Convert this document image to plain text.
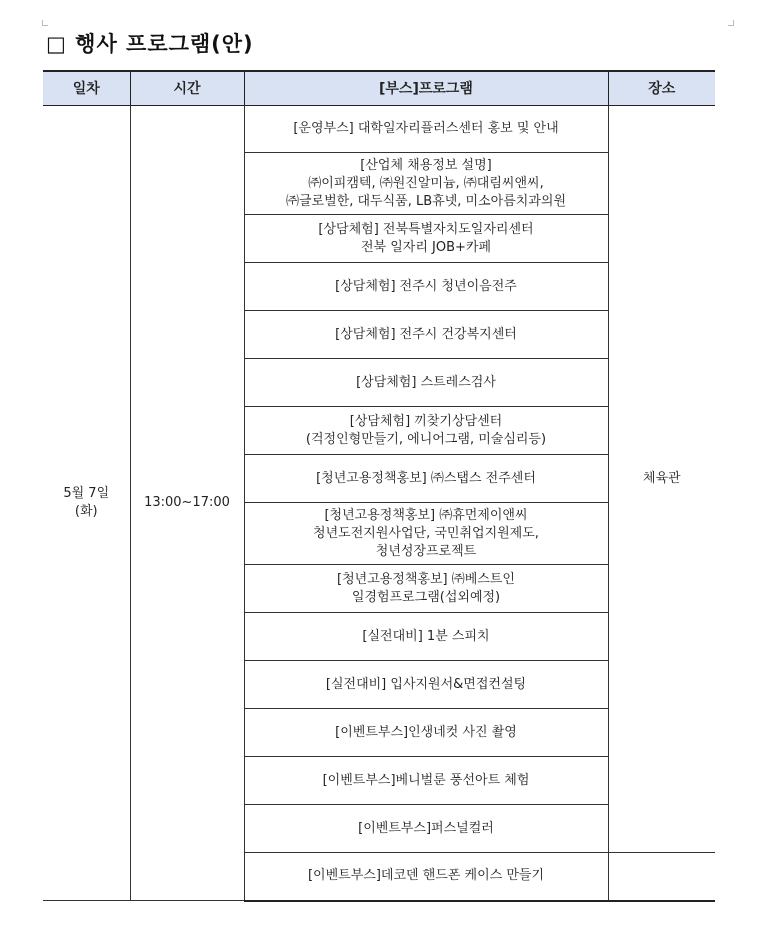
□ 행사 프로그램(안)
일차	시간	[부스]프로그램	장소

5월 7일
(화)	13:00~17:00	[운영부스] 대학일자리플러스센터 홍보 및 안내	체육관

		[산업체 채용정보 설명]
㈜이피캠텍, ㈜원진알미늄, ㈜대림씨앤씨,
㈜글로벌한, 대두식품, LB휴넷, 미소아름치과의원	

		[상담체험] 전북특별자치도일자리센터
전북 일자리 JOB+카페	

		[상담체험] 전주시 청년이음전주	

		[상담체험] 전주시 건강복지센터	

		[상담체험] 스트레스검사	

		[상담체험] 끼찾기상담센터
(걱정인형만들기, 에니어그램, 미술심리등)	

		[청년고용정책홍보] ㈜스탭스 전주센터	

		[청년고용정책홍보] ㈜휴먼제이앤씨
청년도전지원사업단, 국민취업지원제도,
청년성장프로젝트	

		[청년고용정책홍보] ㈜베스트인
일경험프로그램(섭외예정)	

		[실전대비] 1분 스피치	

		[실전대비] 입사지원서&면접컨설팅	

		[이벤트부스]인생네컷 사진 촬영	

		[이벤트부스]베니벌룬 풍선아트 체험	

		[이벤트부스]퍼스널컬러	

		[이벤트부스]데코덴 핸드폰 케이스 만들기	
